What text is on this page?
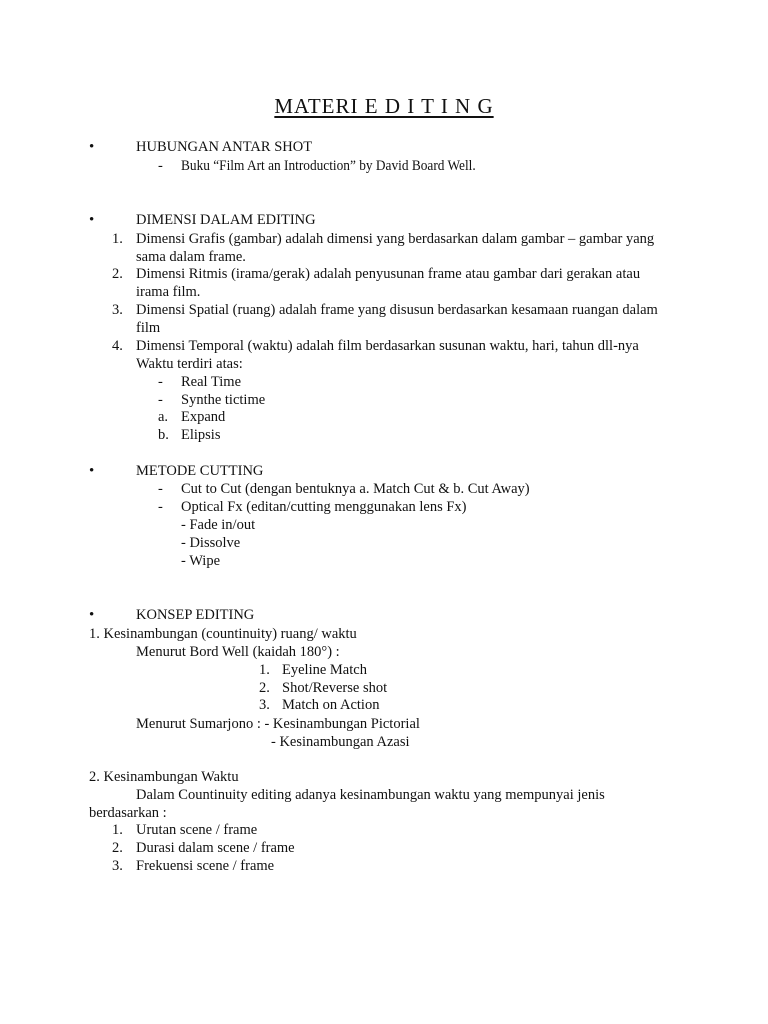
MATERI E D I T I N G
•	HUBUNGAN ANTAR SHOT
- Buku “Film Art an Introduction” by David Board Well.
•	DIMENSI DALAM EDITING
1. Dimensi Grafis (gambar) adalah dimensi yang berdasarkan dalam gambar – gambar yang
sama dalam frame.
2. Dimensi Ritmis (irama/gerak) adalah penyusunan frame atau gambar dari gerakan atau
irama film.
3. Dimensi Spatial (ruang) adalah frame yang disusun berdasarkan kesamaan ruangan dalam
film
4. Dimensi Temporal (waktu) adalah film berdasarkan susunan waktu, hari, tahun dll-nya
Waktu terdiri atas:
- Real Time
- Synthe tictime
a. Expand
b. Elipsis
•	METODE CUTTING
- Cut to Cut (dengan bentuknya a. Match Cut & b. Cut Away)
- Optical Fx (editan/cutting menggunakan lens Fx)
- Fade in/out
- Dissolve
- Wipe
•	KONSEP EDITING
1. Kesinambungan (countinuity) ruang/ waktu
Menurut Bord Well (kaidah 180°) :
1. Eyeline Match
2. Shot/Reverse shot
3. Match on Action
Menurut Sumarjono : - Kesinambungan Pictorial
- Kesinambungan Azasi
2. Kesinambungan Waktu
Dalam Countinuity editing adanya kesinambungan waktu yang mempunyai jenis
berdasarkan :
1. Urutan scene / frame
2. Durasi dalam scene / frame
3. Frekuensi scene / frame
